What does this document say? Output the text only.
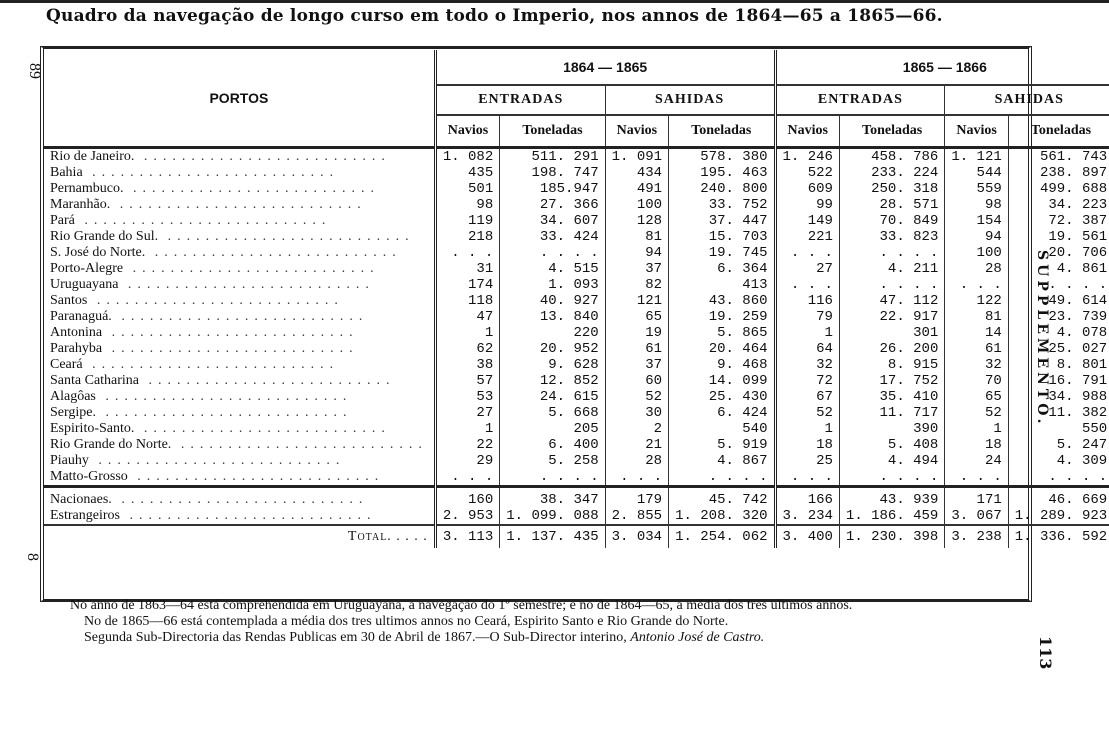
Quadro da navegação de longo curso em todo o Imperio, nos annos de 1864—65 a 1865—66.
89
8
SUPPLEMENTO.
113
PORTOS	1864 — 1865				1865 — 1866			
	ENTRADAS		SAHIDAS		ENTRADAS		SAHIDAS	
	Navios	Toneladas	Navios	Toneladas	Navios	Toneladas	Navios	Toneladas
Rio de Janeiro. ..........................	1. 082	511. 291	1. 091	578. 380	1. 246	458. 786	1. 121	561. 743
Bahia ..........................	435	198. 747	434	195. 463	522	233. 224	544	238. 897
Pernambuco. ..........................	501	185.947	491	240. 800	609	250. 318	559	499. 688
Maranhão. ..........................	98	27. 366	100	33. 752	99	28. 571	98	34. 223
Pará ..........................	119	34. 607	128	37. 447	149	70. 849	154	72. 387
Rio Grande do Sul. ..........................	218	33. 424	81	15. 703	221	33. 823	94	19. 561
S. José do Norte. ..........................	. . .	. . . .	94	19. 745	. . .	. . . .	100	20. 706
Porto-Alegre ..........................	31	4. 515	37	6. 364	27	4. 211	28	4. 861
Uruguayana ..........................	174	1. 093	82	413	. . .	. . . .	. . .	. . . .
Santos ..........................	118	40. 927	121	43. 860	116	47. 112	122	49. 614
Paranaguá. ..........................	47	13. 840	65	19. 259	79	22. 917	81	23. 739
Antonina ..........................	1	220	19	5. 865	1	301	14	4. 078
Parahyba ..........................	62	20. 952	61	20. 464	64	26. 200	61	25. 027
Ceará ..........................	38	9. 628	37	9. 468	32	8. 915	32	8. 801
Santa Catharina ..........................	57	12. 852	60	14. 099	72	17. 752	70	16. 791
Alagôas ..........................	53	24. 615	52	25. 430	67	35. 410	65	34. 988
Sergipe. ..........................	27	5. 668	30	6. 424	52	11. 717	52	11. 382
Espirito-Santo. ..........................	1	205	2	540	1	390	1	550
Rio Grande do Norte. ..........................	22	6. 400	21	5. 919	18	5. 408	18	5. 247
Piauhy ..........................	29	5. 258	28	4. 867	25	4. 494	24	4. 309
Matto-Grosso ..........................	. . .	. . . .	. . .	. . . .	. . .	. . . .	. . .	. . . .
Nacionaes. ..........................	160	38. 347	179	45. 742	166	43. 939	171	46. 669
Estrangeiros ..........................	2. 953	1. 099. 088	2. 855	1. 208. 320	3. 234	1. 186. 459	3. 067	1. 289. 923
Total. . . . .	3. 113	1. 137. 435	3. 034	1. 254. 062	3. 400	1. 230. 398	3. 238	1. 336. 592

No anno de 1863—64 está comprehendida em Uruguayana, a navegação do 1º semestre; e no de 1864—65, a média dos tres ultimos annos.

No de 1865—66 está contemplada a média dos tres ultimos annos no Ceará, Espirito Santo e Rio Grande do Norte.

Segunda Sub-Directoria das Rendas Publicas em 30 de Abril de 1867.—O Sub-Director interino, Antonio José de Castro.
